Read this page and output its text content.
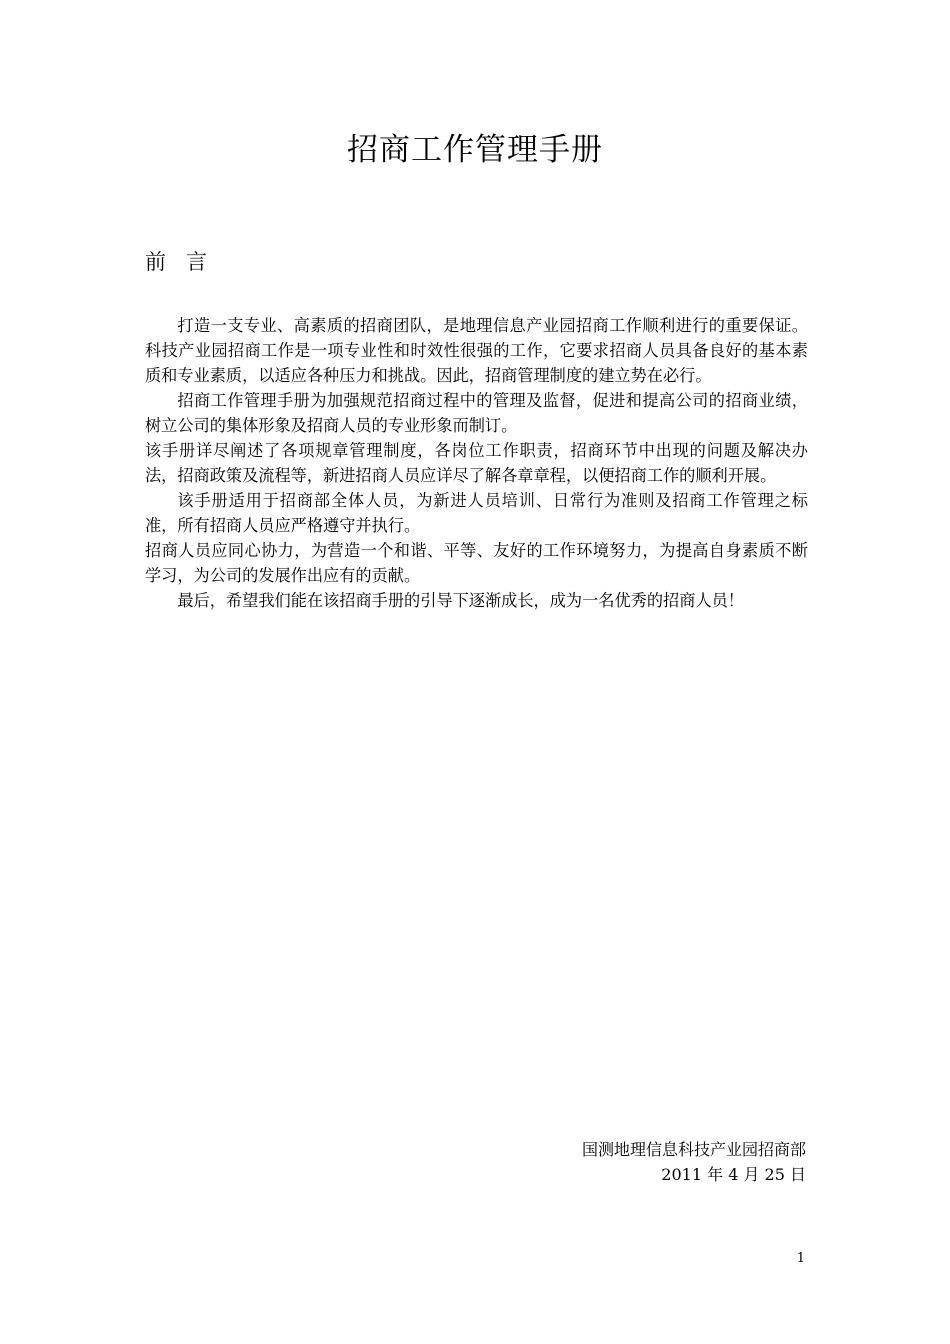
招商工作管理手册
前言

打造一支专业、高素质的招商团队，是地理信息产业园招商工作顺利进行的重要保证。科技产业园招商工作是一项专业性和时效性很强的工作，它要求招商人员具备良好的基本素质和专业素质，以适应各种压力和挑战。因此，招商管理制度的建立势在必行。

招商工作管理手册为加强规范招商过程中的管理及监督，促进和提高公司的招商业绩，树立公司的集体形象及招商人员的专业形象而制订。

该手册详尽阐述了各项规章管理制度，各岗位工作职责，招商环节中出现的问题及解决办法，招商政策及流程等，新进招商人员应详尽了解各章章程，以便招商工作的顺利开展。

该手册适用于招商部全体人员，为新进人员培训、日常行为准则及招商工作管理之标准，所有招商人员应严格遵守并执行。

招商人员应同心协力，为营造一个和谐、平等、友好的工作环境努力，为提高自身素质不断学习，为公司的发展作出应有的贡献。

最后，希望我们能在该招商手册的引导下逐渐成长，成为一名优秀的招商人员！

国测地理信息科技产业园招商部
2011 年 4 月 25 日
1
